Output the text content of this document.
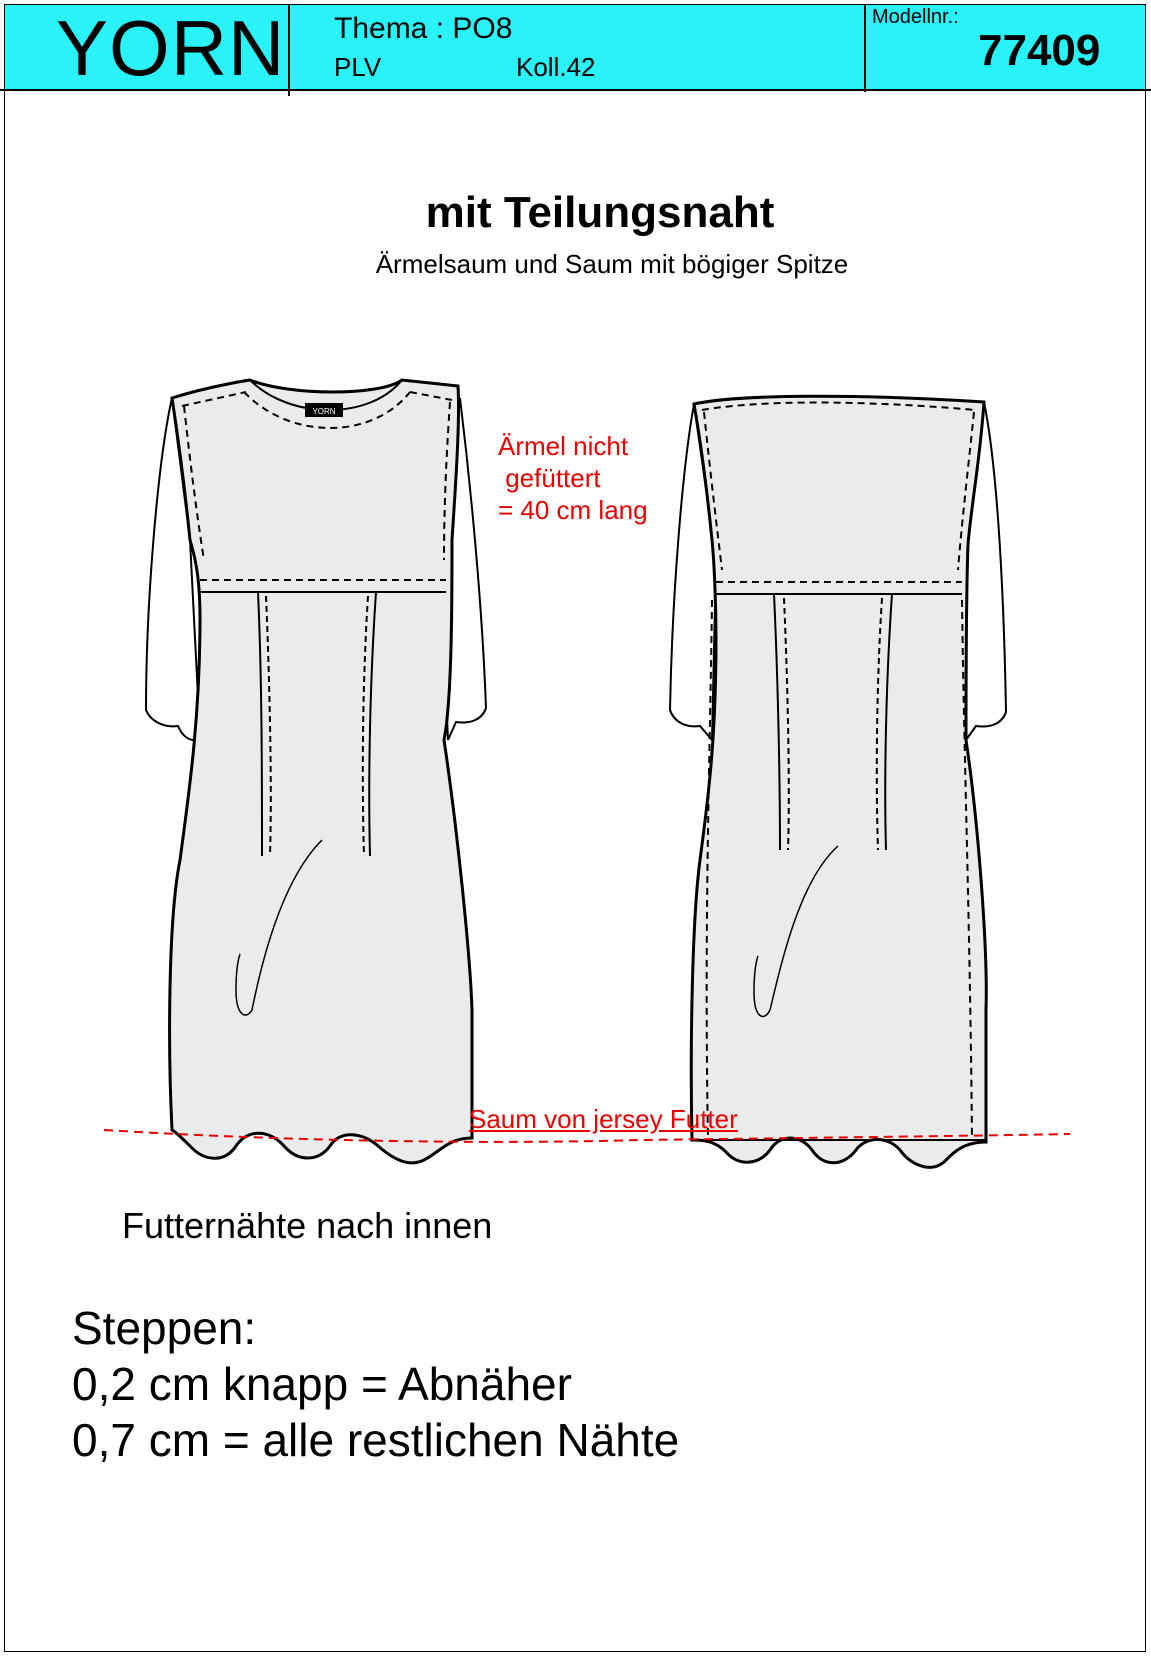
YORN Thema : PO8
PLV	Koll.42
Modellnr.:
77409
mit Teilungsnaht
Ärmelsaum und Saum mit bögiger Spitze
YORN
Ärmel nicht
gefüttert
= 40 cm lang
Saum von jersey Futter
Futternähte nach innen
Steppen:
0,2 cm knapp = Abnäher
0,7 cm = alle restlichen Nähte
